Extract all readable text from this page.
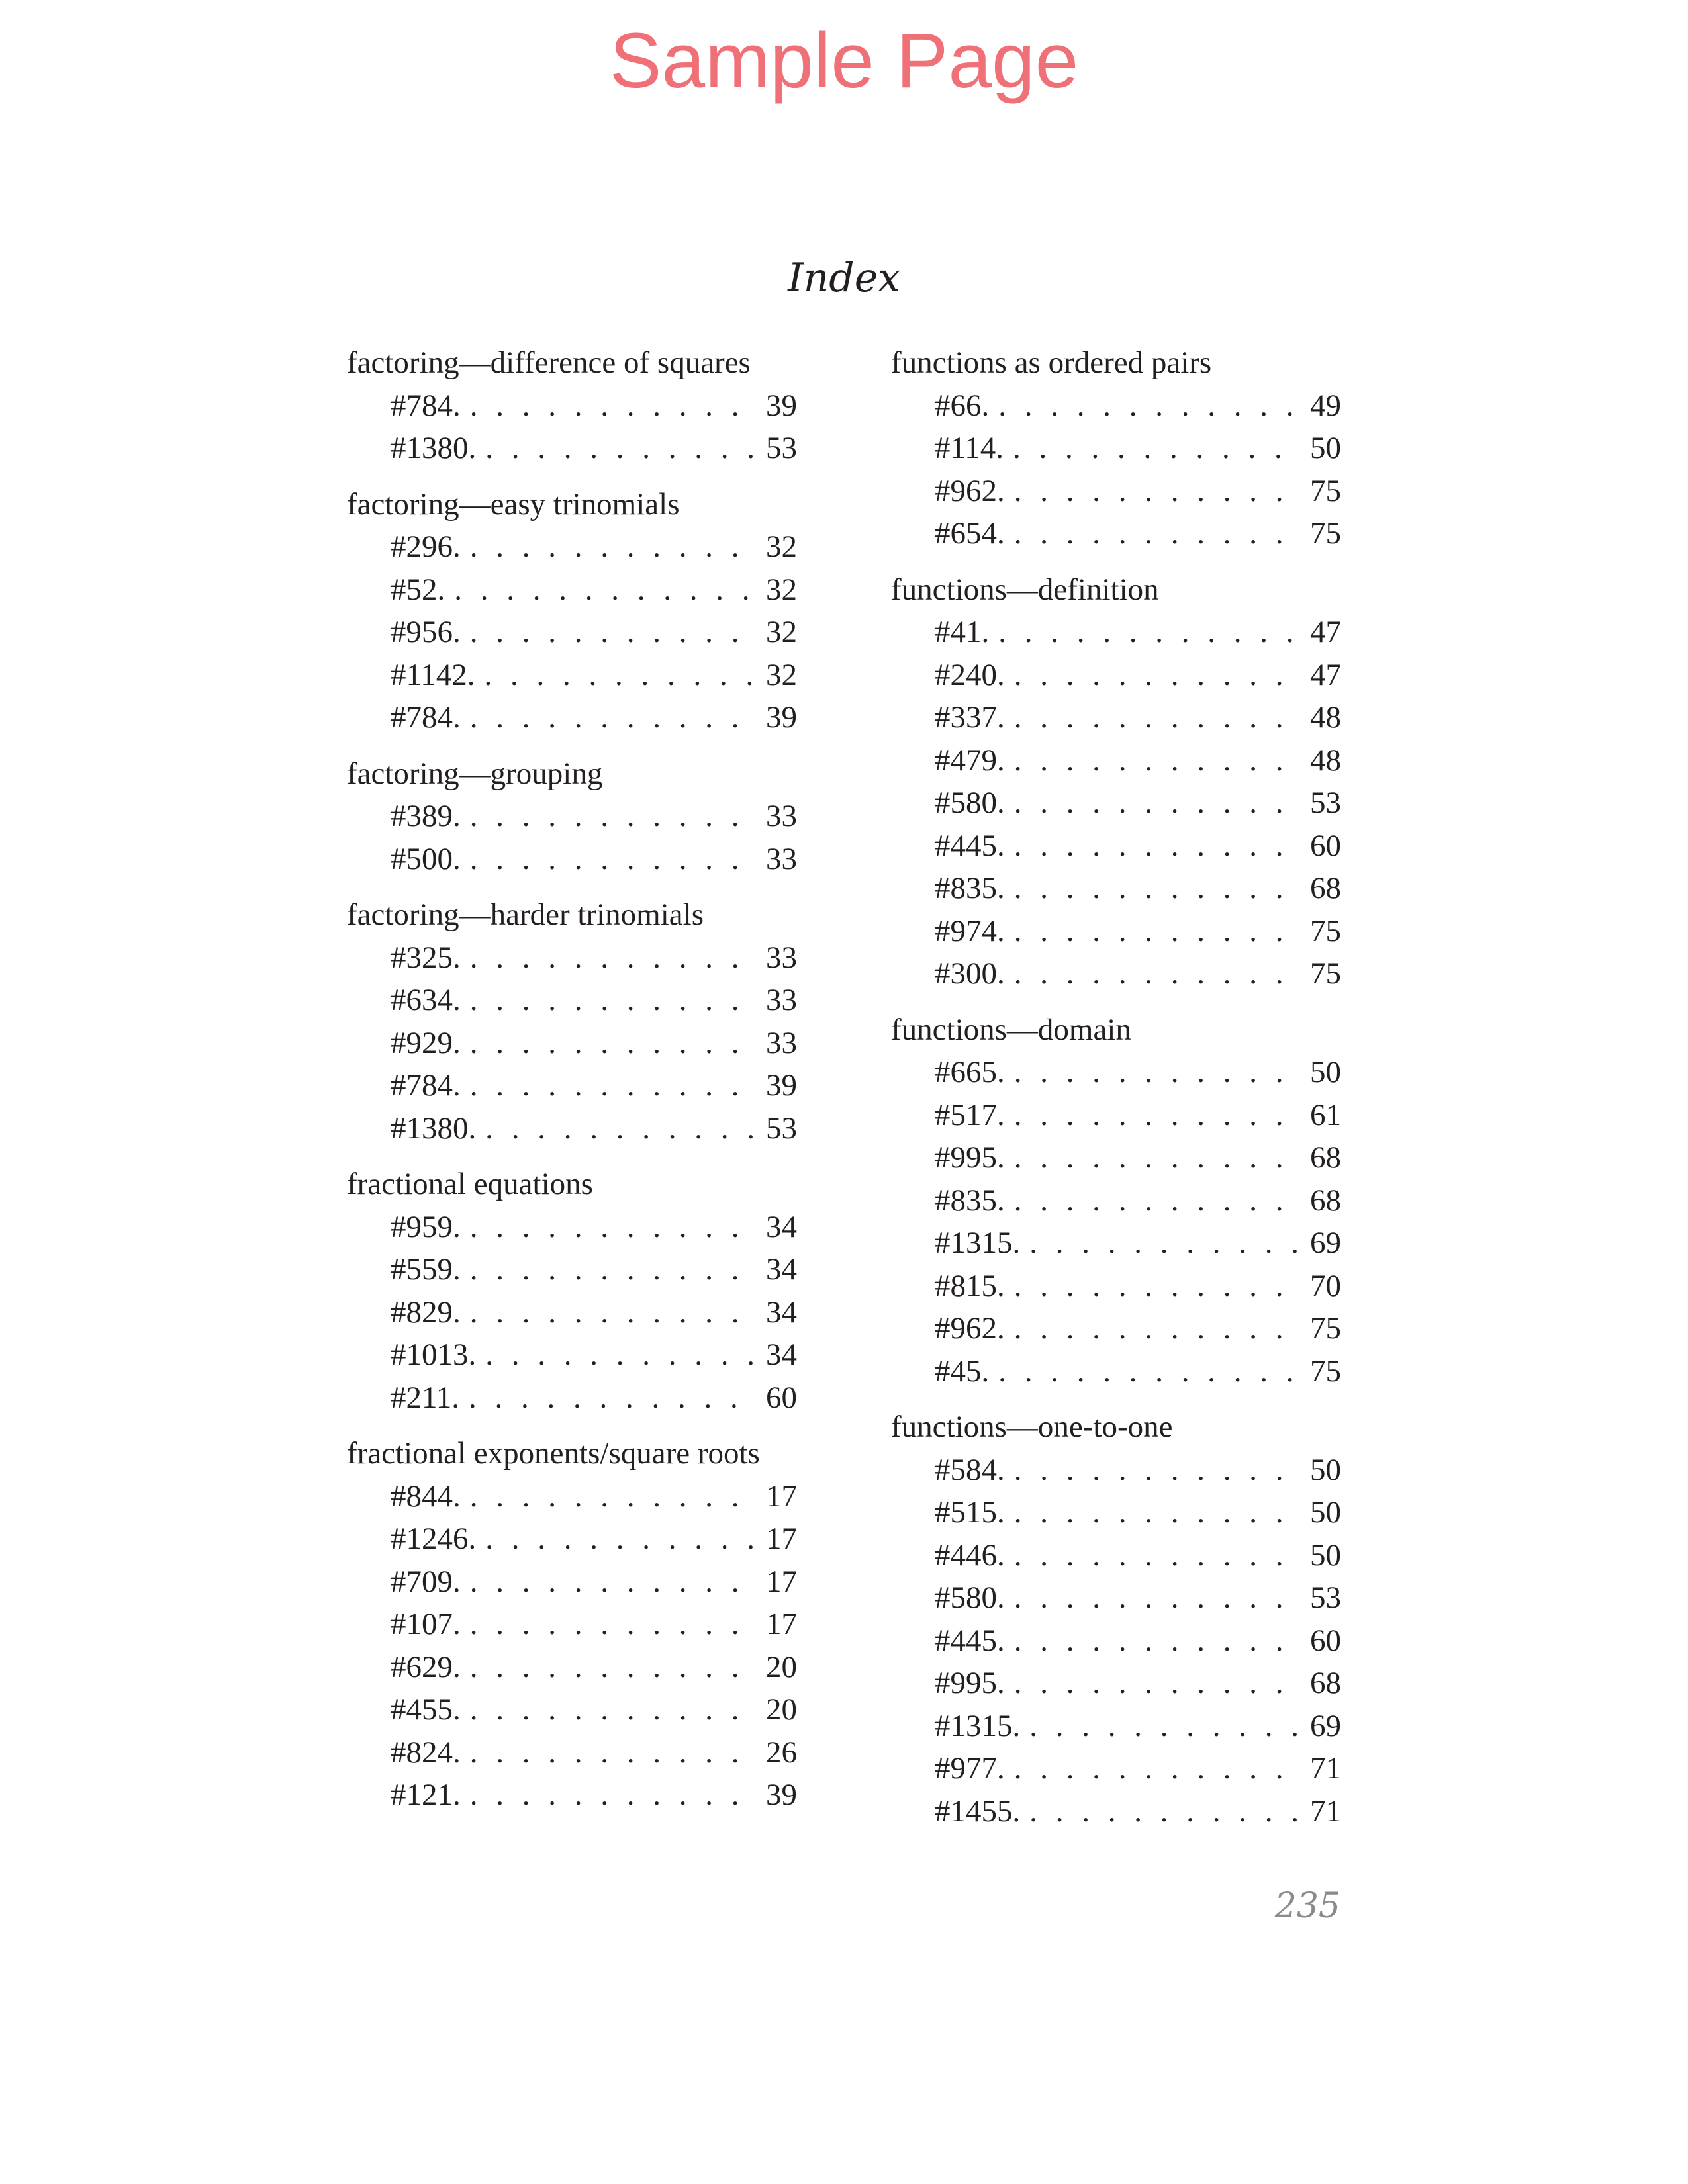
Sample Page
Index
factoring—difference of squares
#784. . . .	39
#1380. . . .	53
factoring—easy trinomials
#296. . . .	32
#52. . . .	32
#956. . . .	32
#1142. . . .	32
#784. . . .	39
factoring—grouping
#389. . . .	33
#500. . . .	33
factoring—harder trinomials
#325. . . .	33
#634. . . .	33
#929. . . .	33
#784. . . .	39
#1380. . . .	53
fractional equations
#959. . . .	34
#559. . . .	34
#829. . . .	34
#1013. . . .	34
#211. . . .	60
fractional exponents/square roots
#844. . . .	17
#1246. . . .	17
#709. . . .	17
#107. . . .	17
#629. . . .	20
#455. . . .	20
#824. . . .	26
#121. . . .	39
functions as ordered pairs
#66. . . .	49
#114. . . .	50
#962. . . .	75
#654. . . .	75
functions—definition
#41. . . .	47
#240. . . .	47
#337. . . .	48
#479. . . .	48
#580. . . .	53
#445. . . .	60
#835. . . .	68
#974. . . .	75
#300. . . .	75
functions—domain
#665. . . .	50
#517. . . .	61
#995. . . .	68
#835. . . .	68
#1315. . . .	69
#815. . . .	70
#962. . . .	75
#45. . . .	75
functions—one-to-one
#584. . . .	50
#515. . . .	50
#446. . . .	50
#580. . . .	53
#445. . . .	60
#995. . . .	68
#1315. . . .	69
#977. . . .	71
#1455. . . .	71
235
